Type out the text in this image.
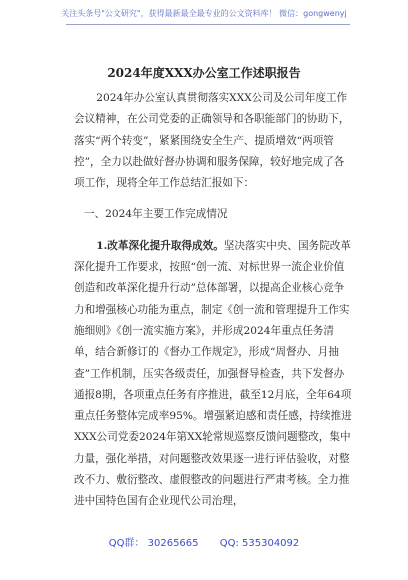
关注头条号"公文研究"，获得最新最全最专业的公文资料库！ 微信：gongwenyj
2024年度XXX办公室工作述职报告

2024年办公室认真贯彻落实XXX公司及公司年度工作会议精神，在公司党委的正确领导和各职能部门的协助下，落实“两个转变”，紧紧围绕安全生产、提质增效“两项管控”，全力以赴做好督办协调和服务保障，较好地完成了各项工作，现将全年工作总结汇报如下：

一、2024年主要工作完成情况

1.改革深化提升取得成效。坚决落实中央、国务院改革深化提升工作要求，按照“创一流、对标世界一流企业价值创造和改革深化提升行动”总体部署，以提高企业核心竞争力和增强核心功能为重点，制定《创一流和管理提升工作实施细则》《创一流实施方案》，并形成2024年重点任务清单，结合新修订的《督办工作规定》，形成“周督办、月抽查”工作机制，压实各级责任，加强督导检查，共下发督办通报8期，各项重点任务有序推进，截至12月底，全年64项重点任务整体完成率95%。增强紧迫感和责任感，持续推进XXX公司党委2024年第XX轮常规巡察反馈问题整改，集中力量，强化举措，对问题整改效果逐一进行评估验收，对整改不力、敷衍整改、虚假整改的问题进行严肃考核。全力推进中国特色国有企业现代公司治理，

QQ群： 30265665 QQ: 535304092
